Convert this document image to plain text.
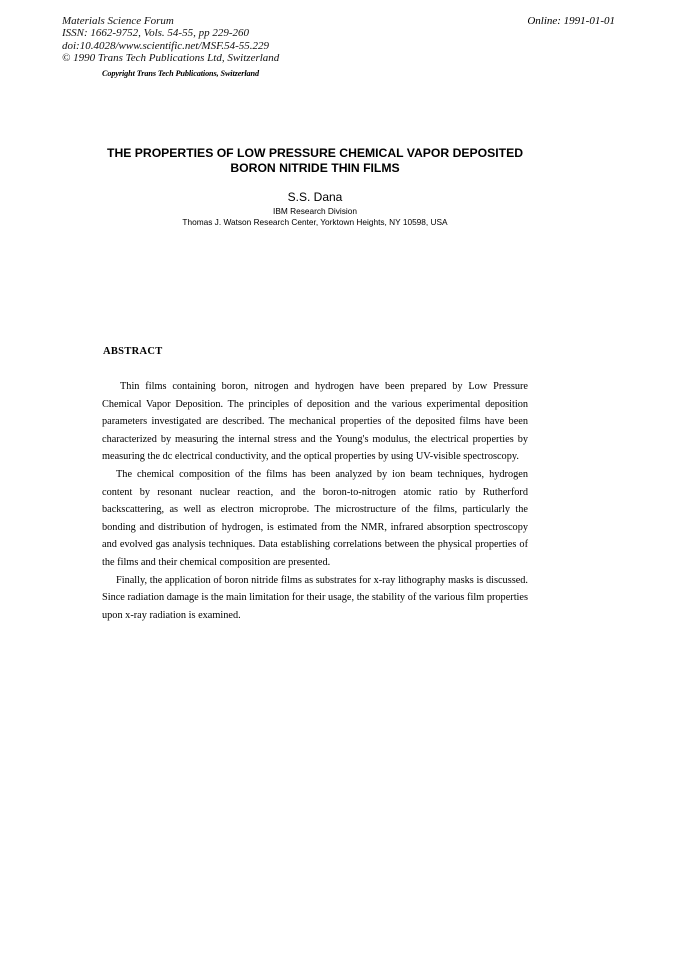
Materials Science Forum
ISSN: 1662-9752, Vols. 54-55, pp 229-260
doi:10.4028/www.scientific.net/MSF.54-55.229
© 1990 Trans Tech Publications Ltd, Switzerland
Online: 1991-01-01
Copyright Trans Tech Publications, Switzerland
THE PROPERTIES OF LOW PRESSURE CHEMICAL VAPOR DEPOSITED
BORON NITRIDE THIN FILMS
S.S. Dana
IBM Research Division
Thomas J. Watson Research Center, Yorktown Heights, NY 10598, USA
ABSTRACT

Thin films containing boron, nitrogen and hydrogen have been prepared by Low Pressure Chemical Vapor Deposition. The principles of deposition and the various experimental deposition parameters investigated are described. The mechanical properties of the deposited films have been characterized by measuring the internal stress and the Young's modulus, the electrical properties by measuring the dc electrical conductivity, and the optical properties by using UV-visible spectroscopy.

The chemical composition of the films has been analyzed by ion beam techniques, hydrogen content by resonant nuclear reaction, and the boron-to-nitrogen atomic ratio by Rutherford backscattering, as well as electron microprobe. The microstructure of the films, particularly the bonding and distribution of hydrogen, is estimated from the NMR, infrared absorption spectroscopy and evolved gas analysis techniques. Data establishing correlations between the physical properties of the films and their chemical composition are presented.

Finally, the application of boron nitride films as substrates for x-ray lithography masks is discussed. Since radiation damage is the main limitation for their usage, the stability of the various film properties upon x-ray radiation is examined.
